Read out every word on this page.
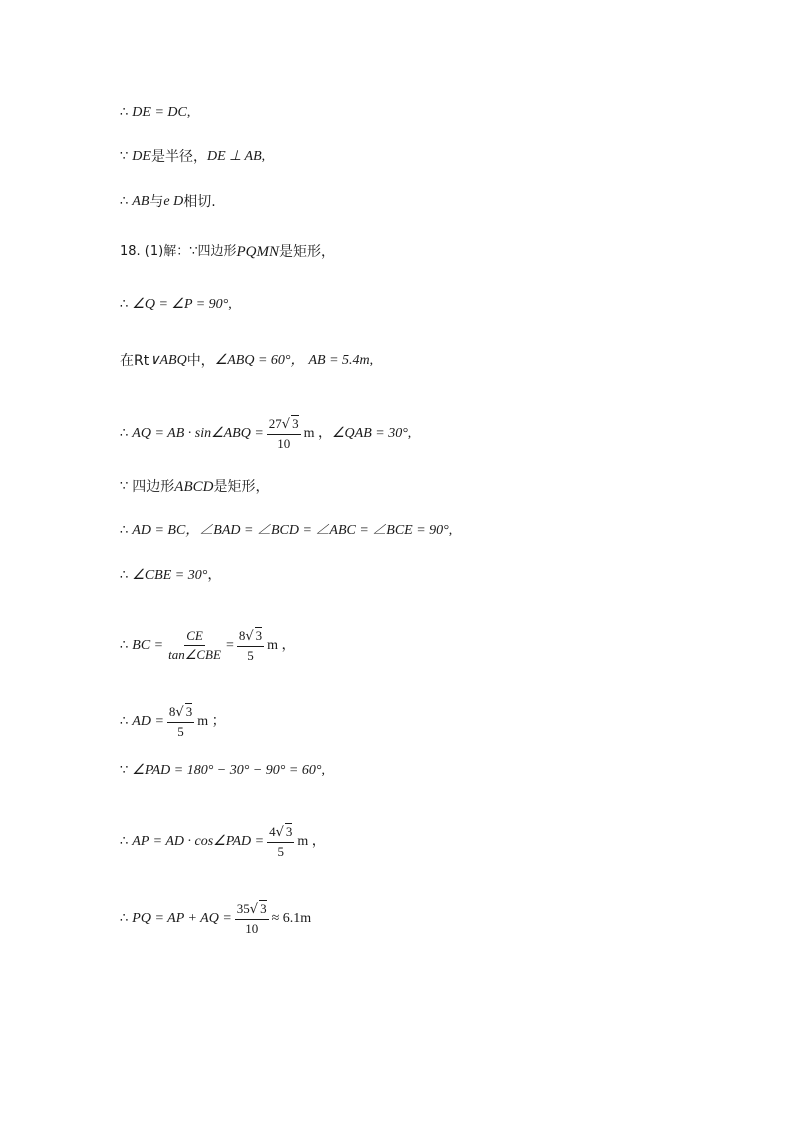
∴ DE = DC ,
∵ DE 是半径， DE ⊥ AB ,
∴ AB 与 e D 相切.
18. (1)解：∵四边形 PQMN 是矩形，
∴ ∠Q = ∠P = 90° ,
在Rt ∨ABQ 中， ∠ABQ = 60°， AB = 5.4m ,
∴ AQ = AB · sin∠ABQ = $\frac{27√ 3}{10}$ m ， ∠QAB = 30° ,
∵ 四边形 ABCD 是矩形，
∴ AD = BC，∠BAD = ∠BCD = ∠ABC = ∠BCE = 90° ,
∴ ∠CBE = 30° ，
∴ BC = $\frac{CE}{\text{tan∠CBE}} = \frac{8√ 3}{5}$ m ，
∴ AD = $\frac{8√ 3}{5}$ m ；
∵ ∠PAD = 180° − 30° − 90° = 60° ,
∴ AP = AD · cos∠PAD = $\frac{4√ 3}{5}$ m ，
∴ PQ = AP + AQ = $\frac{35√ 3}{10} \approx 6.1m$
